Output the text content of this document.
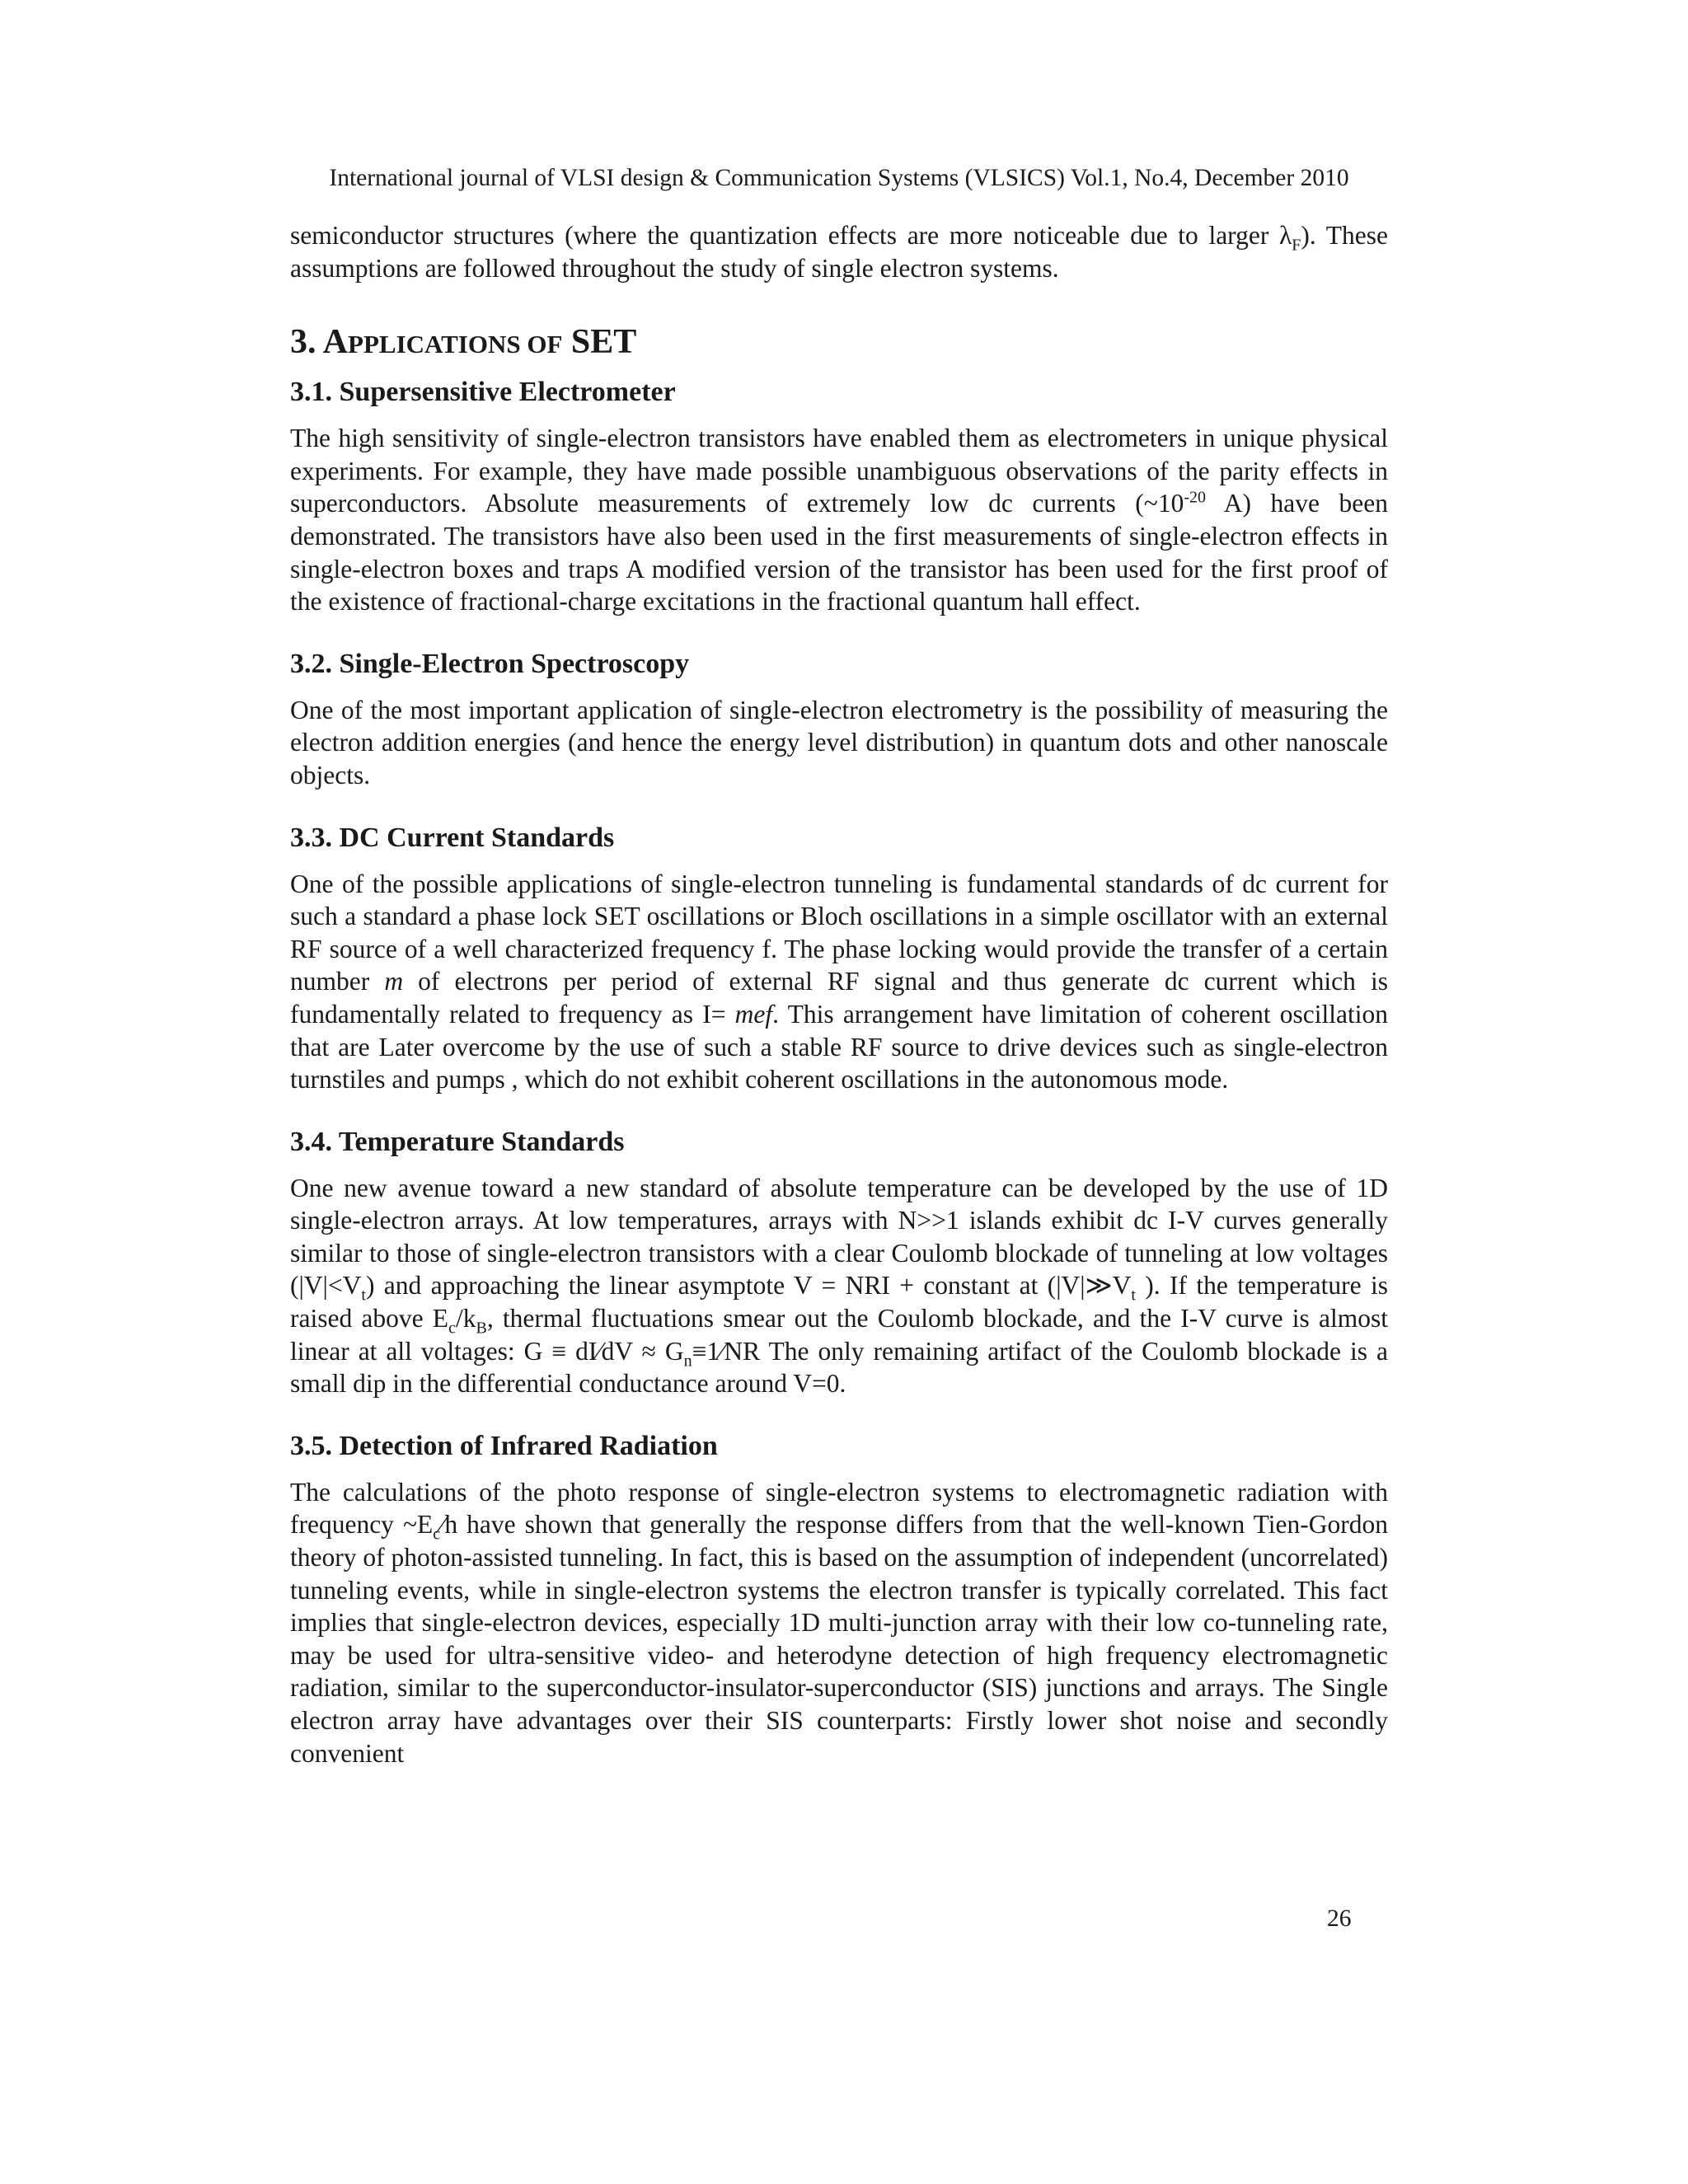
International journal of VLSI design & Communication Systems (VLSICS) Vol.1, No.4, December 2010

semiconductor structures (where the quantization effects are more noticeable due to larger $\lambda_F$). These assumptions are followed throughout the study of single electron systems.

3. APPLICATIONS OF SET
3.1. Supersensitive Electrometer

The high sensitivity of single-electron transistors have enabled them as electrometers in unique physical experiments. For example, they have made possible unambiguous observations of the parity effects in superconductors. Absolute measurements of extremely low dc currents ($\sim 10^{-20}$ A) have been demonstrated. The transistors have also been used in the first measurements of single-electron effects in single-electron boxes and traps A modified version of the transistor has been used for the first proof of the existence of fractional-charge excitations in the fractional quantum hall effect.

3.2. Single-Electron Spectroscopy

One of the most important application of single-electron electrometry is the possibility of measuring the electron addition energies (and hence the energy level distribution) in quantum dots and other nanoscale objects.

3.3. DC Current Standards

One of the possible applications of single-electron tunneling is fundamental standards of dc current for such a standard a phase lock SET oscillations or Bloch oscillations in a simple oscillator with an external RF source of a well characterized frequency f. The phase locking would provide the transfer of a certain number m of electrons per period of external RF signal and thus generate dc current which is fundamentally related to frequency as I= mef. This arrangement have limitation of coherent oscillation that are Later overcome by the use of such a stable RF source to drive devices such as single-electron turnstiles and pumps , which do not exhibit coherent oscillations in the autonomous mode.

3.4. Temperature Standards

One new avenue toward a new standard of absolute temperature can be developed by the use of 1D single-electron arrays. At low temperatures, arrays with N>>1 islands exhibit dc I-V curves generally similar to those of single-electron transistors with a clear Coulomb blockade of tunneling at low voltages $(|V|<V_t)$ and approaching the linear asymptote V = NRI + constant at ($|V|≫V_t$ ). If the temperature is raised above $E_c/k_B$, thermal fluctuations smear out the Coulomb blockade, and the I-V curve is almost linear at all voltages: G ≡ dI⁄dV ≈ $G_n\equiv 1⁄NR$ The only remaining artifact of the Coulomb blockade is a small dip in the differential conductance around V=0.

3.5. Detection of Infrared Radiation

The calculations of the photo response of single-electron systems to electromagnetic radiation with frequency $\sim E_c⁄h$ have shown that generally the response differs from that the well-known Tien-Gordon theory of photon-assisted tunneling. In fact, this is based on the assumption of independent (uncorrelated) tunneling events, while in single-electron systems the electron transfer is typically correlated. This fact implies that single-electron devices, especially 1D multi-junction array with their low co-tunneling rate, may be used for ultra-sensitive video- and heterodyne detection of high frequency electromagnetic radiation, similar to the superconductor-insulator-superconductor (SIS) junctions and arrays. The Single electron array have advantages over their SIS counterparts: Firstly lower shot noise and secondly convenient

26
